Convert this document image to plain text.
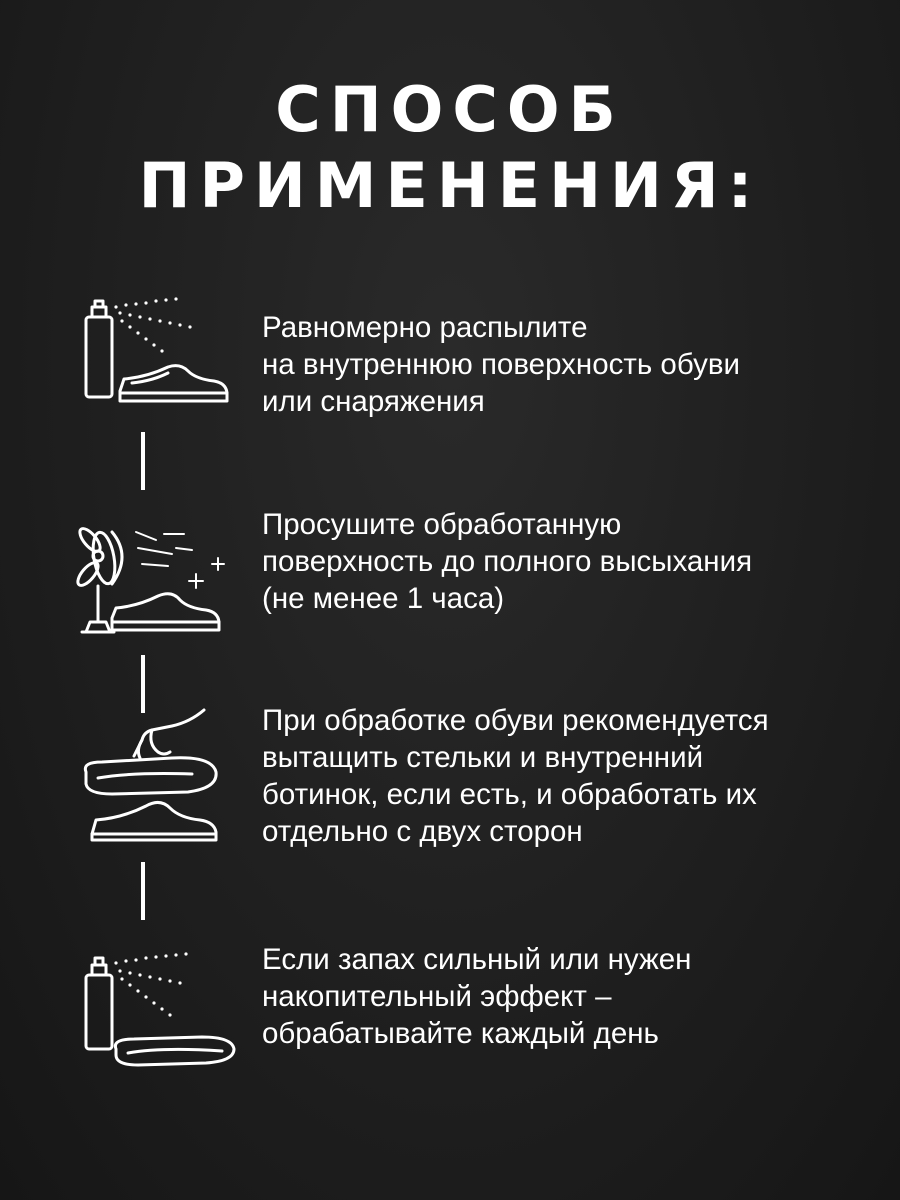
СПОСОБ
ПРИМЕНЕНИЯ:
Равномерно распылите
на внутреннюю поверхность обуви
или снаряжения
Просушите обработанную
поверхность до полного высыхания
(не менее 1 часа)
При обработке обуви рекомендуется
вытащить стельки и внутренний
ботинок, если есть, и обработать их
отдельно с двух сторон
Если запах сильный или нужен
накопительный эффект –
обрабатывайте каждый день
